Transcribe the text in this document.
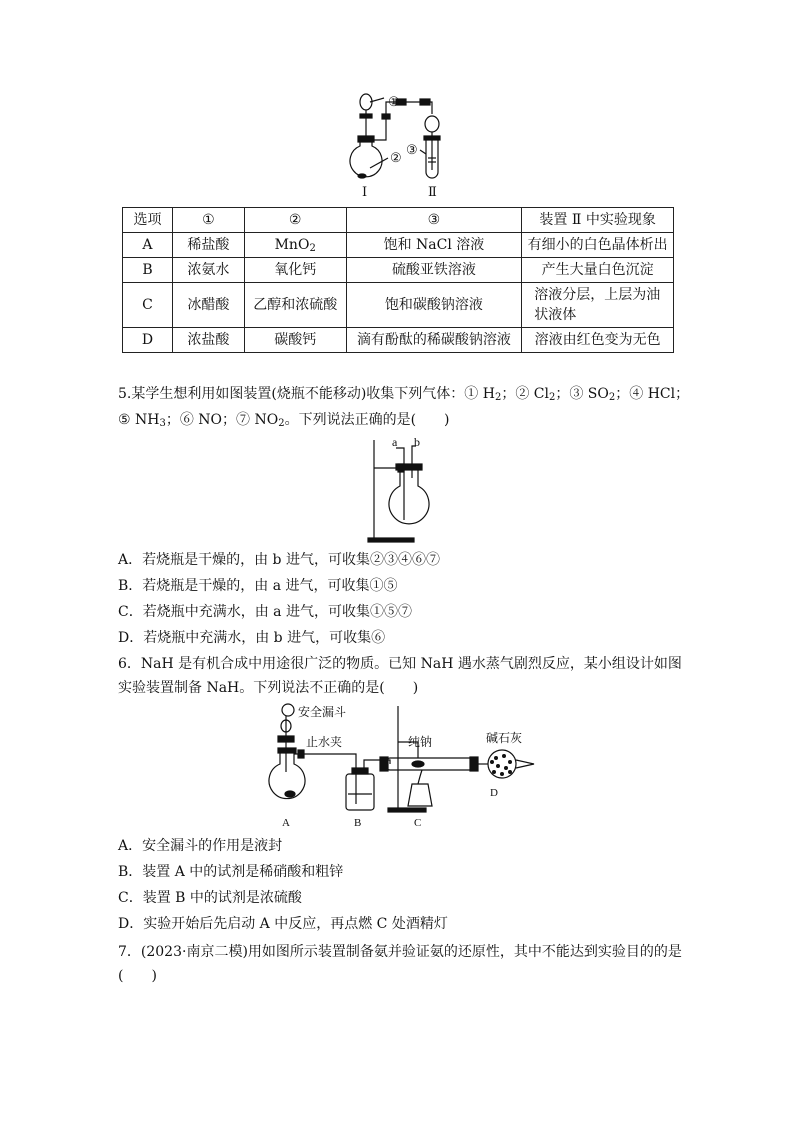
①
②
③
Ⅰ	Ⅱ
选项	①	②	③	装置 Ⅱ 中实验现象
A	稀盐酸	MnO$_2$	饱和 NaCl 溶液	有细小的白色晶体析出
B	浓氨水	氧化钙	硫酸亚铁溶液	产生大量白色沉淀
C	冰醋酸	乙醇和浓硫酸	饱和碳酸钠溶液	溶液分层，上层为油状液体
D	浓盐酸	碳酸钙	滴有酚酞的稀碳酸钠溶液	溶液由红色变为无色
5.某学生想利用如图装置(烧瓶不能移动)收集下列气体：① $H_2$；② $Cl_2$；③ $SO_2$；④ HCl；
⑤ $NH_3$；⑥ NO；⑦ $NO_2$。下列说法正确的是(　　)
a b
A．若烧瓶是干燥的，由 b 进气，可收集②③④⑥⑦
B．若烧瓶是干燥的，由 a 进气，可收集①⑤
C．若烧瓶中充满水，由 a 进气，可收集①⑤⑦
D．若烧瓶中充满水，由 b 进气，可收集⑥
6．NaH 是有机合成中用途很广泛的物质。已知 NaH 遇水蒸气剧烈反应，某小组设计如图实验装置制备 NaH。下列说法不正确的是(　　)
安全漏斗
止水夹	纯钠	碱石灰
A	B	C
D
A．安全漏斗的作用是液封
B．装置 A 中的试剂是稀硝酸和粗锌
C．装置 B 中的试剂是浓硫酸
D．实验开始后先启动 A 中反应，再点燃 C 处酒精灯
7．(2023·南京二模)用如图所示装置制备氨并验证氨的还原性，其中不能达到实验目的的是(　　)
